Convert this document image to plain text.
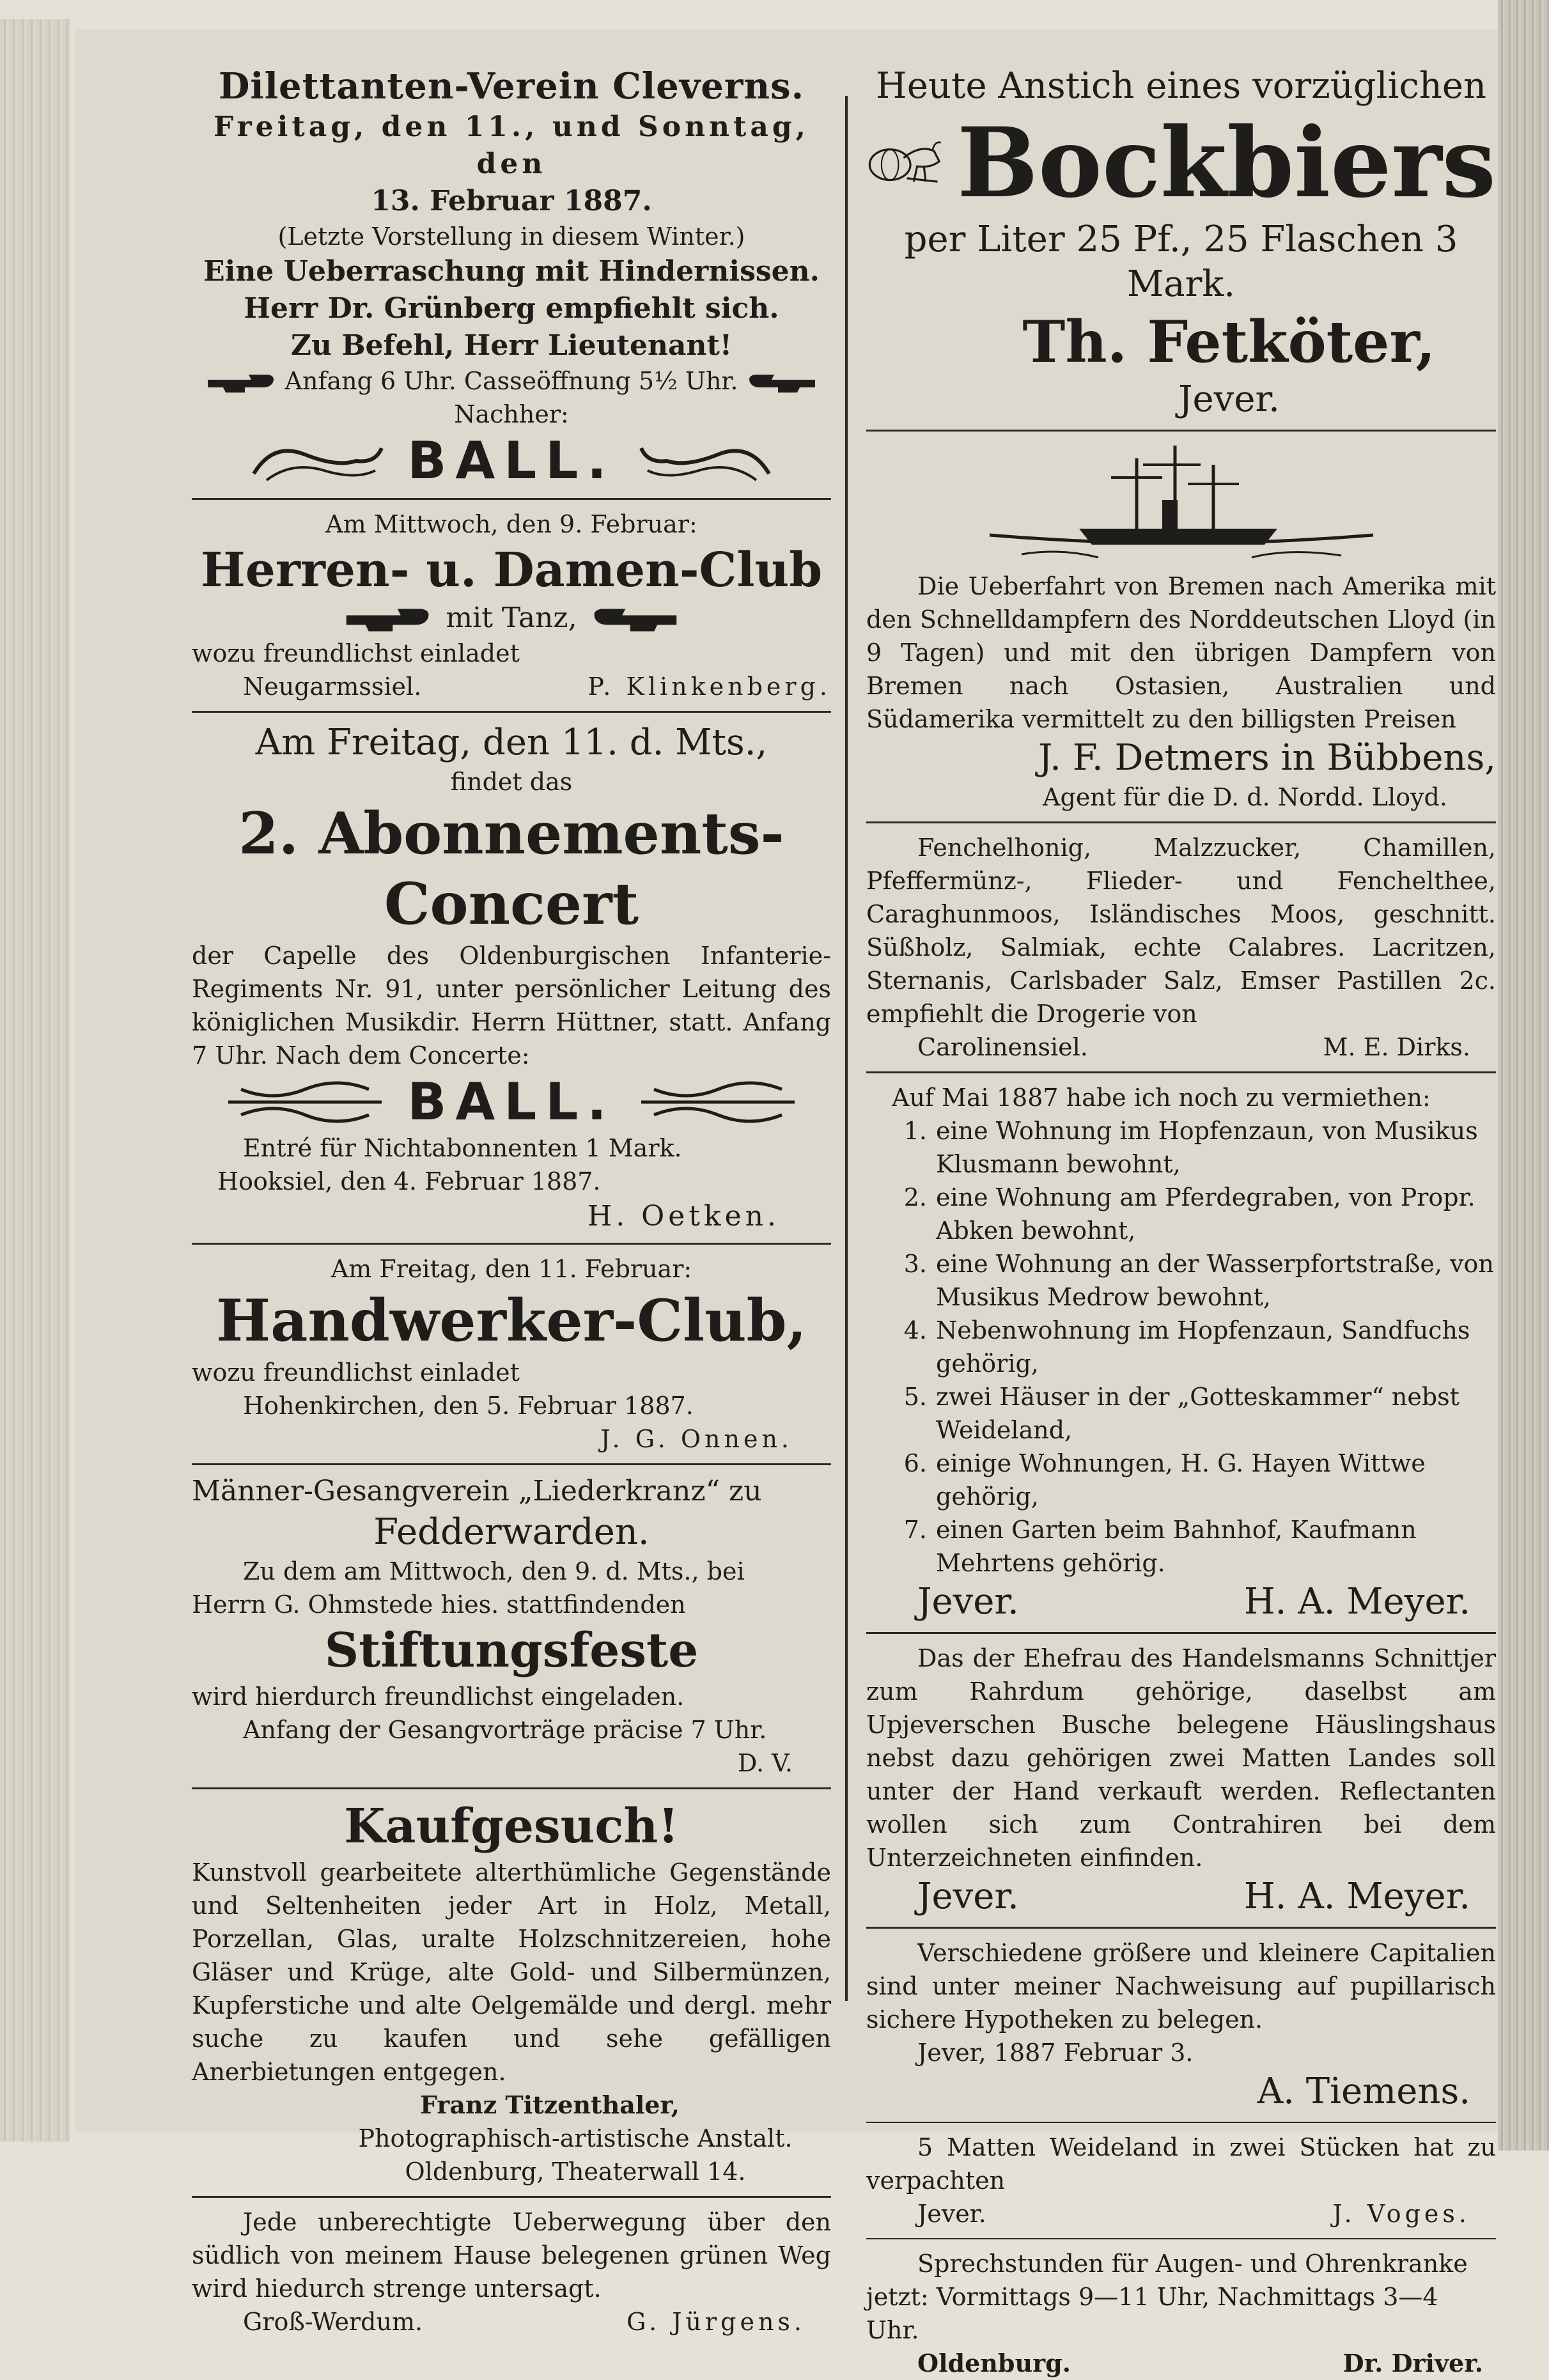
Dilettanten-Verein Cleverns.
Freitag, den 11., und Sonntag, den
13. Februar 1887.
(Letzte Vorstellung in diesem Winter.)
Eine Ueberraschung mit Hindernissen.
Herr Dr. Grünberg empfiehlt sich.
Zu Befehl, Herr Lieutenant!
Anfang 6 Uhr. Casseöffnung 5½ Uhr.
Nachher:
BALL.
Am Mittwoch, den 9. Februar:
Herren- u. Damen-Club
mit Tanz,
wozu freundlichst einladet
Neugarmssiel.	P. Klinkenberg.
Am Freitag, den 11. d. Mts.,
findet das
2. Abonnements-Concert
der Capelle des Oldenburgischen Infanterie-Regiments Nr. 91, unter persönlicher Leitung des königlichen Musikdir. Herrn Hüttner, statt. Anfang 7 Uhr. Nach dem Concerte:
BALL.
Entré für Nichtabonnenten 1 Mark.
Hooksiel, den 4. Februar 1887.
H. Oetken.
Am Freitag, den 11. Februar:
Handwerker-Club,
wozu freundlichst einladet
Hohenkirchen, den 5. Februar 1887.
J. G. Onnen.
Männer-Gesangverein „Liederkranz“ zu
Fedderwarden.
Zu dem am Mittwoch, den 9. d. Mts., bei
Herrn G. Ohmstede hies. stattfindenden
Stiftungsfeste
wird hierdurch freundlichst eingeladen.
Anfang der Gesangvorträge präcise 7 Uhr.
D. V.
Kaufgesuch!
Kunstvoll gearbeitete alterthümliche Gegenstände und Seltenheiten jeder Art in Holz, Metall, Porzellan, Glas, uralte Holzschnitzereien, hohe Gläser und Krüge, alte Gold- und Silbermünzen, Kupferstiche und alte Oelgemälde und dergl. mehr suche zu kaufen und sehe gefälligen Anerbietungen entgegen.
Franz Titzenthaler,
Photographisch-artistische Anstalt.
Oldenburg, Theaterwall 14.
Jede unberechtigte Ueberwegung über den südlich von meinem Hause belegenen grünen Weg wird hiedurch strenge untersagt.
Groß-Werdum.	G. Jürgens.
Heute Anstich eines vorzüglichen
Bockbiers
per Liter 25 Pf., 25 Flaschen 3 Mark.
Th. Fetköter,
Jever.
Die Ueberfahrt von Bremen nach Amerika mit den Schnelldampfern des Norddeutschen Lloyd (in 9 Tagen) und mit den übrigen Dampfern von Bremen nach Ostasien, Australien und Südamerika vermittelt zu den billigsten Preisen
J. F. Detmers in Bübbens,
Agent für die D. d. Nordd. Lloyd.
Fenchelhonig, Malzzucker, Chamillen, Pfeffermünz-, Flieder- und Fenchelthee, Caraghunmoos, Isländisches Moos, geschnitt. Süßholz, Salmiak, echte Calabres. Lacritzen, Sternanis, Carlsbader Salz, Emser Pastillen 2c. empfiehlt die Drogerie von
Carolinensiel.	M. E. Dirks.
Auf Mai 1887 habe ich noch zu vermiethen:
1. eine Wohnung im Hopfenzaun, von Musikus Klusmann bewohnt,
2. eine Wohnung am Pferdegraben, von Propr. Abken bewohnt,
3. eine Wohnung an der Wasserpfortstraße, von Musikus Medrow bewohnt,
4. Nebenwohnung im Hopfenzaun, Sandfuchs gehörig,
5. zwei Häuser in der „Gotteskammer“ nebst Weideland,
6. einige Wohnungen, H. G. Hayen Wittwe gehörig,
7. einen Garten beim Bahnhof, Kaufmann Mehrtens gehörig.
Jever.	H. A. Meyer.
Das der Ehefrau des Handelsmanns Schnittjer zum Rahrdum gehörige, daselbst am Upjeverschen Busche belegene Häuslingshaus nebst dazu gehörigen zwei Matten Landes soll unter der Hand verkauft werden. Reflectanten wollen sich zum Contrahiren bei dem Unterzeichneten einfinden.
Jever.	H. A. Meyer.
Verschiedene größere und kleinere Capitalien sind unter meiner Nachweisung auf pupillarisch sichere Hypotheken zu belegen.
Jever, 1887 Februar 3.
A. Tiemens.
5 Matten Weideland in zwei Stücken hat zu verpachten
Jever.	J. Voges.
Sprechstunden für Augen- und Ohrenkranke
jetzt: Vormittags 9—11 Uhr, Nachmittags 3—4 Uhr.
Oldenburg.	Dr. Driver.
